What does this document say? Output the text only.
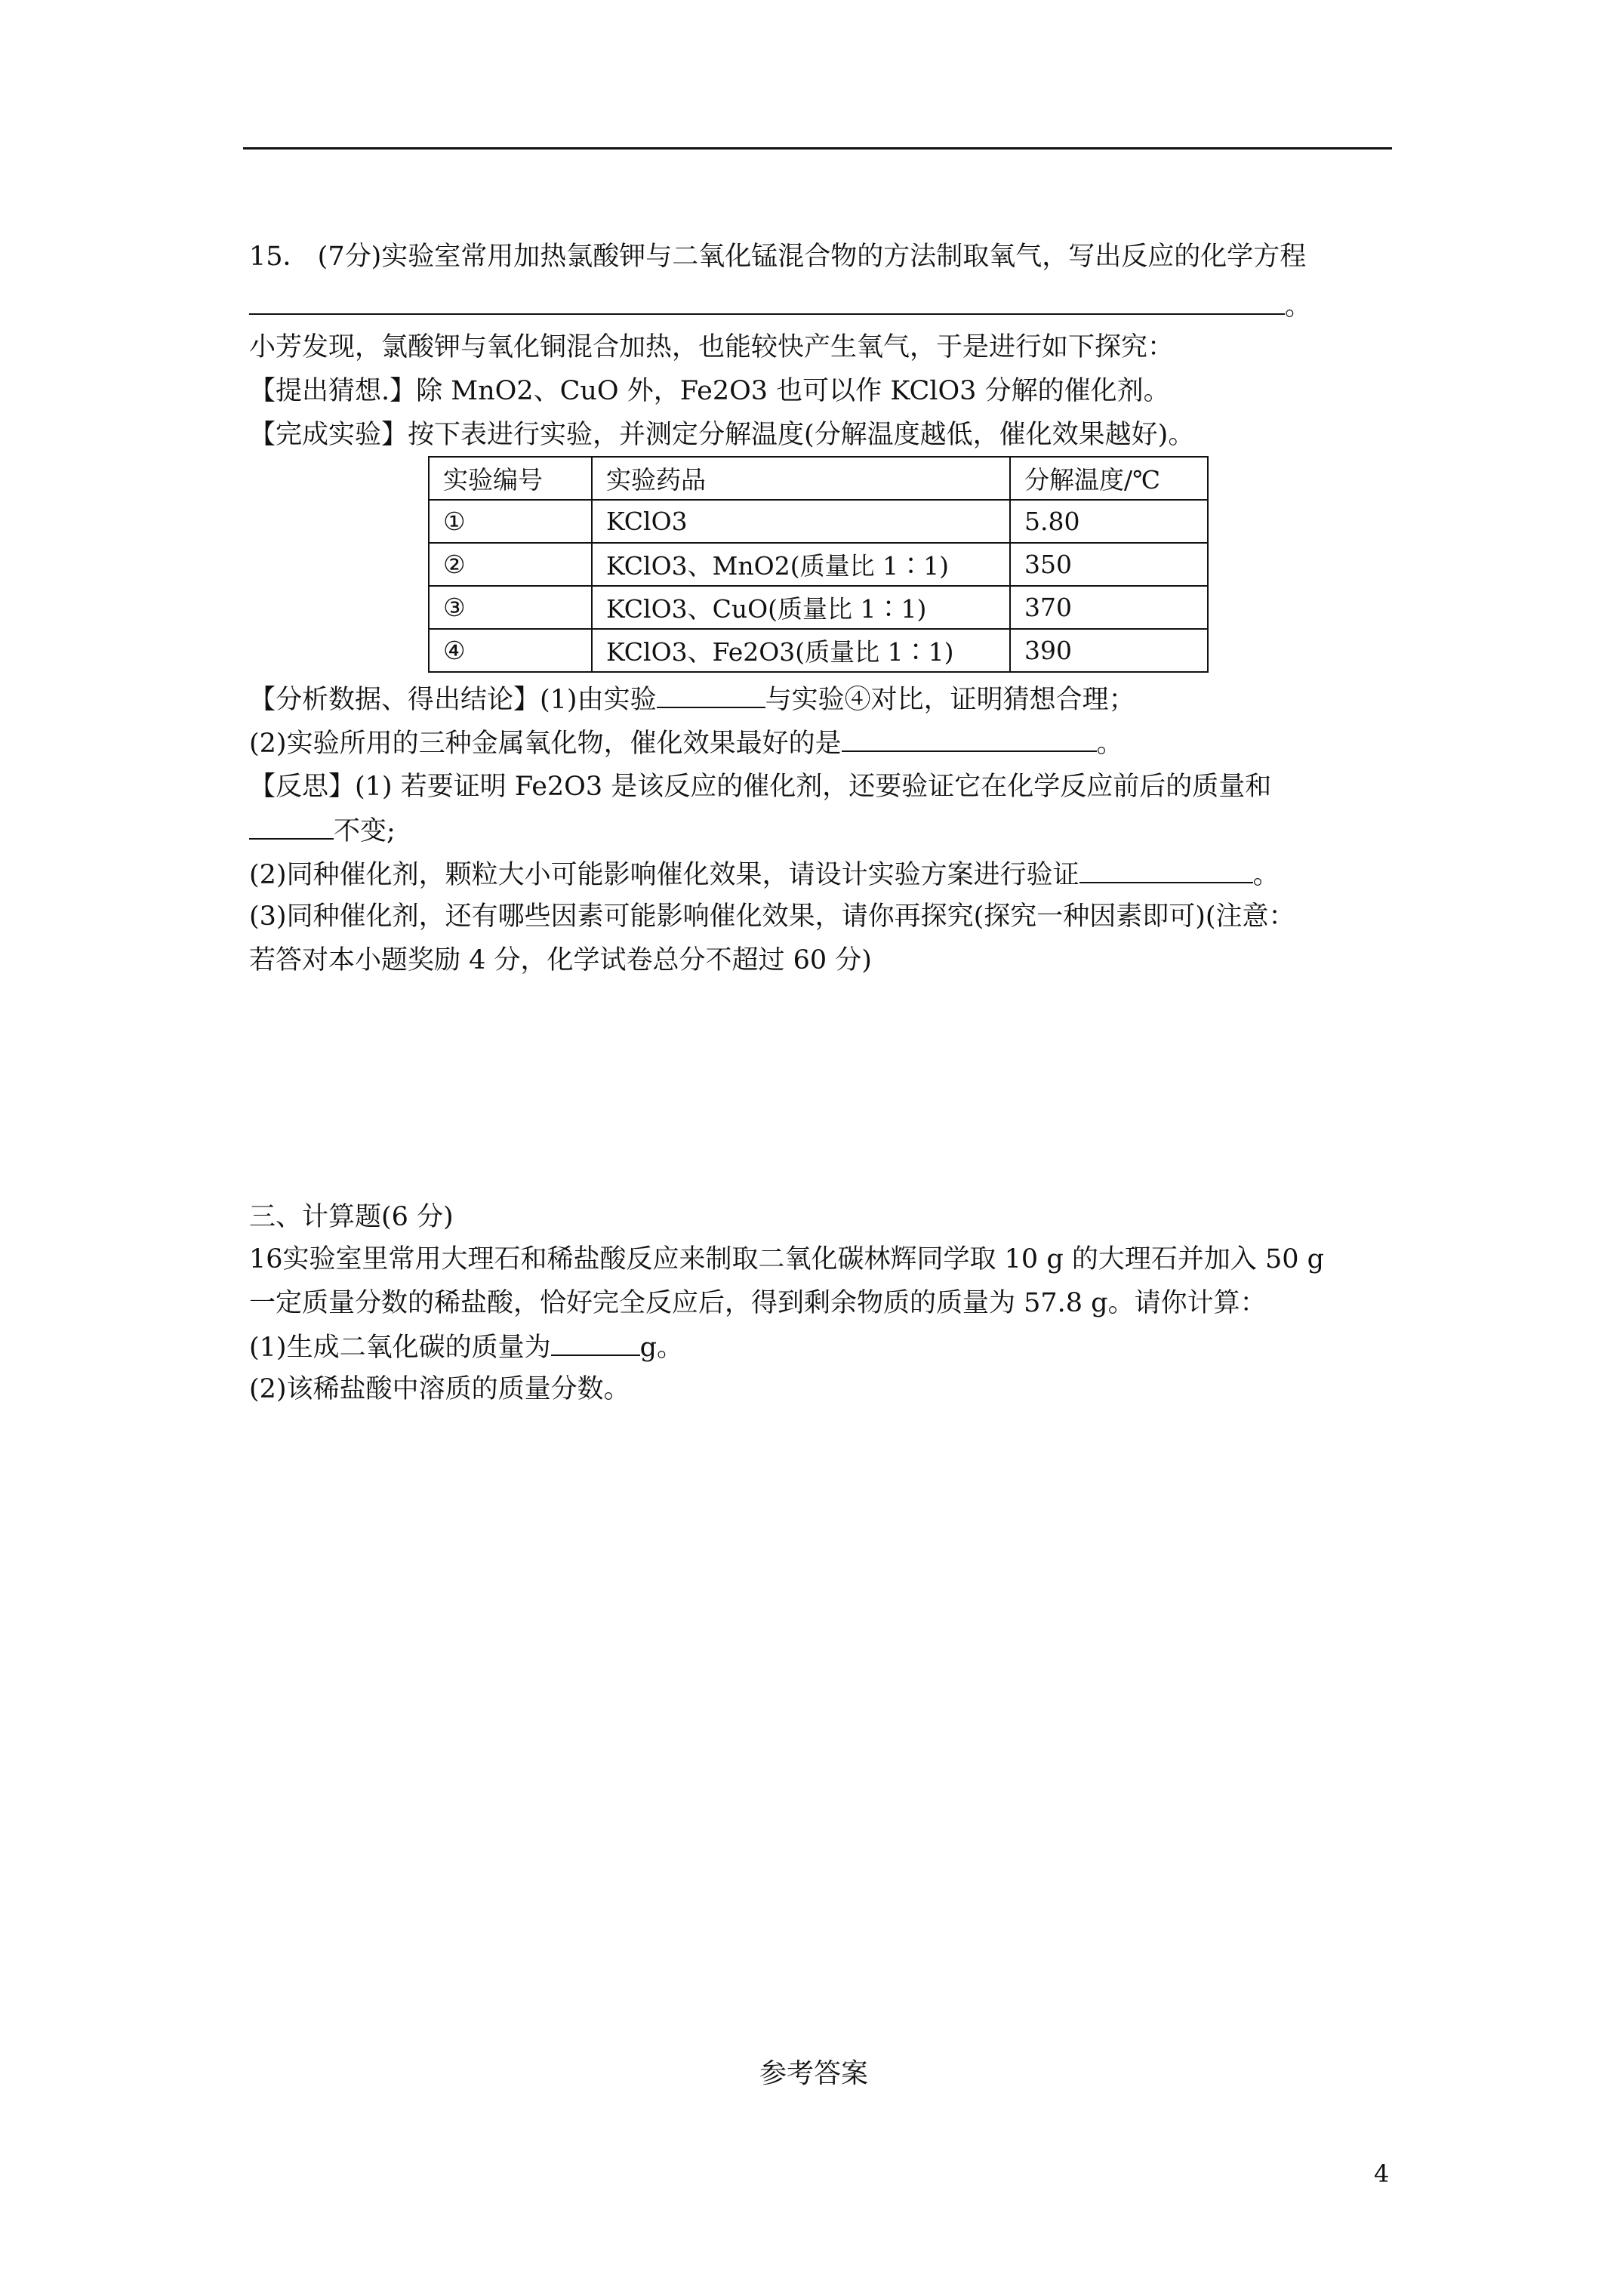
15． (7分)实验室常用加热氯酸钾与二氧化锰混合物的方法制取氧气，写出反应的化学方程
。
小芳发现，氯酸钾与氧化铜混合加热，也能较快产生氧气，于是进行如下探究：
【提出猜想.】除 MnO2、CuO 外，Fe2O3 也可以作 KClO3 分解的催化剂。
【完成实验】按下表进行实验，并测定分解温度(分解温度越低，催化效果越好)。
实验编号	实验药品	分解温度/℃
①	KClO3	5.80
②	KClO3、MnO2(质量比 1∶1)	350
③	KClO3、CuO(质量比 1∶1)	370
④	KClO3、Fe2O3(质量比 1∶1)	390
【分析数据、得出结论】(1)由实验	与实验④对比，证明猜想合理；
(2)实验所用的三种金属氧化物，催化效果最好的是	。
【反思】(1) 若要证明 Fe2O3 是该反应的催化剂，还要验证它在化学反应前后的质量和
不变;
(2)同种催化剂，颗粒大小可能影响催化效果，请设计实验方案进行验证	。
(3)同种催化剂，还有哪些因素可能影响催化效果，请你再探究(探究一种因素即可)(注意：
若答对本小题奖励 4 分，化学试卷总分不超过 60 分)
三、计算题(6 分)
16实验室里常用大理石和稀盐酸反应来制取二氧化碳林辉同学取 10 g 的大理石并加入 50 g
一定质量分数的稀盐酸，恰好完全反应后，得到剩余物质的质量为 57.8 g。请你计算：
(1)生成二氧化碳的质量为	g。
(2)该稀盐酸中溶质的质量分数。
参考答案
4
